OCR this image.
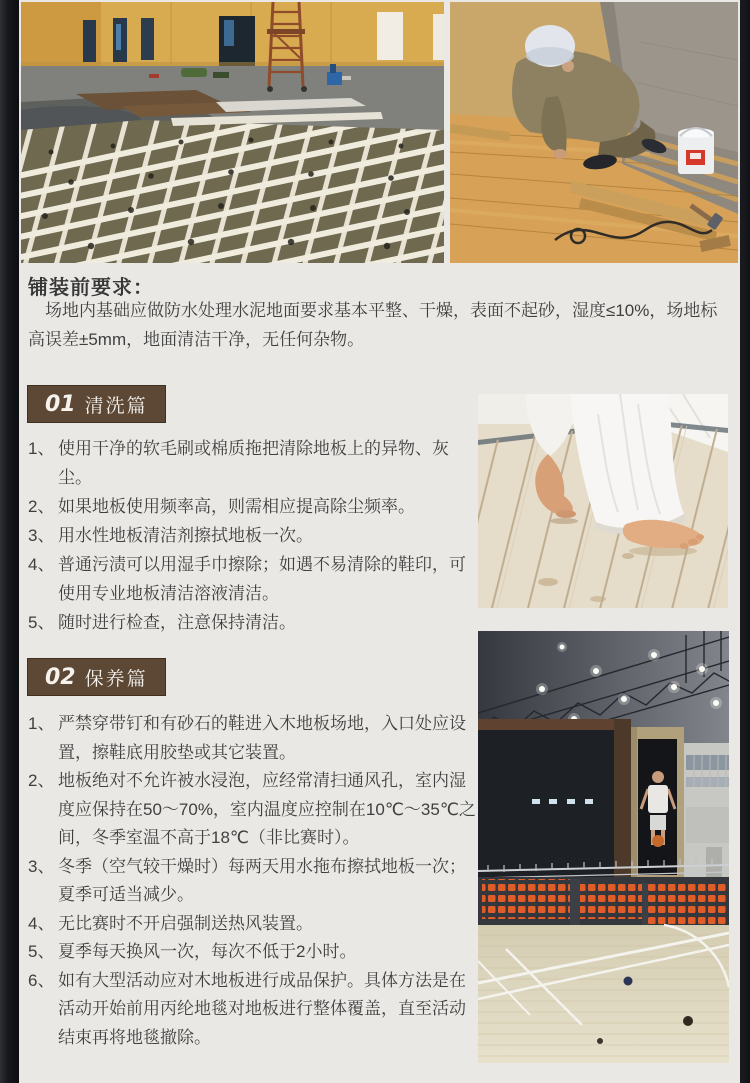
铺装前要求：

场地内基础应做防水处理水泥地面要求基本平整、干燥，表面不起砂，湿度≤10%，场地标高误差±5mm，地面清洁干净，无任何杂物。

01 清洗篇
1、 使用干净的软毛刷或棉质拖把清除地板上的异物、灰尘。
2、 如果地板使用频率高，则需相应提高除尘频率。
3、 用水性地板清洁剂擦拭地板一次。
4、 普通污渍可以用湿手巾擦除；如遇不易清除的鞋印，可使用专业地板清洁溶液清洁。
5、 随时进行检查，注意保持清洁。
02 保养篇
1、 严禁穿带钉和有砂石的鞋进入木地板场地，入口处应设置，擦鞋底用胶垫或其它装置。
2、 地板绝对不允许被水浸泡，应经常清扫通风孔，室内湿度应保持在50～70%，室内温度应控制在10℃～35℃之间，冬季室温不高于18℃（非比赛时）。
3、 冬季（空气较干燥时）每两天用水拖布擦拭地板一次；夏季可适当减少。
4、 无比赛时不开启强制送热风装置。
5、 夏季每天换风一次，每次不低于2小时。
6、 如有大型活动应对木地板进行成品保护。具体方法是在活动开始前用丙纶地毯对地板进行整体覆盖，直至活动结束再将地毯撤除。
